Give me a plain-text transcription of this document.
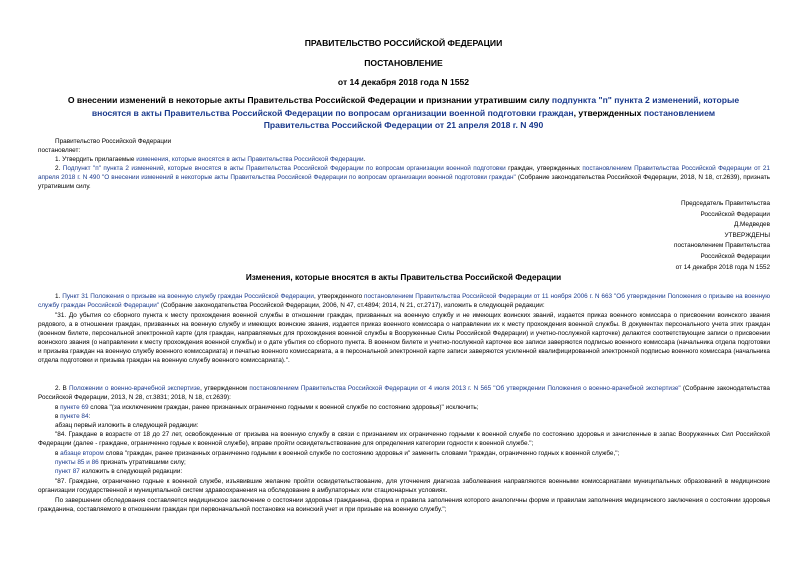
ПРАВИТЕЛЬСТВО РОССИЙСКОЙ ФЕДЕРАЦИИ
ПОСТАНОВЛЕНИЕ
от 14 декабря 2018 года N 1552
О внесении изменений в некоторые акты Правительства Российской Федерации и признании утратившим силу подпункта "п" пункта 2 изменений, которые вносятся в акты Правительства Российской Федерации по вопросам организации военной подготовки граждан, утвержденных постановлением Правительства Российской Федерации от 21 апреля 2018 г. N 490
Правительство Российской Федерации
постановляет:
1. Утвердить прилагаемые изменения, которые вносятся в акты Правительства Российской Федерации.
2. Подпункт "п" пункта 2 изменений, которые вносятся в акты Правительства Российской Федерации по вопросам организации военной подготовки граждан, утвержденных постановлением Правительства Российской Федерации от 21 апреля 2018 г. N 490 "О внесении изменений в некоторые акты Правительства Российской Федерации по вопросам организации военной подготовки граждан" (Собрание законодательства Российской Федерации, 2018, N 18, ст.2639), признать утратившим силу.
Председатель Правительства
Российской Федерации
Д.Медведев
УТВЕРЖДЕНЫ
постановлением Правительства
Российской Федерации
от 14 декабря 2018 года N 1552
Изменения, которые вносятся в акты Правительства Российской Федерации
1. Пункт 31 Положения о призыве на военную службу граждан Российской Федерации, утвержденного постановлением Правительства Российской Федерации от 11 ноября 2006 г. N 663 "Об утверждении Положения о призыве на военную службу граждан Российской Федерации" (Собрание законодательства Российской Федерации, 2006, N 47, ст.4894; 2014, N 21, ст.2717), изложить в следующей редакции:
"31. До убытия со сборного пункта к месту прохождения военной службы в отношении граждан, призванных на военную службу и не имеющих воинских званий, издается приказ военного комиссара о присвоении воинского звания рядового, а в отношении граждан, призванных на военную службу и имеющих воинские звания, издается приказ военного комиссара о направлении их к месту прохождения военной службы. В документах персонального учета этих граждан (военном билете, персональной электронной карте (для граждан, направляемых для прохождения военной службы в Вооруженные Силы Российской Федерации) и учетно-послужной карточке) делаются соответствующие записи о присвоении воинского звания (о направлении к месту прохождения военной службы) и о дате убытия со сборного пункта. В военном билете и учетно-послужной карточке все записи заверяются подписью военного комиссара (начальника отдела подготовки и призыва граждан на военную службу военного комиссариата) и печатью военного комиссариата, а в персональной электронной карте записи заверяются усиленной квалифицированной электронной подписью военного комиссара (начальника отдела подготовки и призыва граждан на военную службу военного комиссариата).".
2. В Положении о военно-врачебной экспертизе, утвержденном постановлением Правительства Российской Федерации от 4 июля 2013 г. N 565 "Об утверждении Положения о военно-врачебной экспертизе" (Собрание законодательства Российской Федерации, 2013, N 28, ст.3831; 2018, N 18, ст.2639):
в пункте 69 слова "(за исключением граждан, ранее признанных ограниченно годными к военной службе по состоянию здоровья)" исключить;
в пункте 84:
абзац первый изложить в следующей редакции:
"84. Граждане в возрасте от 18 до 27 лет, освобожденные от призыва на военную службу в связи с признанием их ограниченно годными к военной службе по состоянию здоровья и зачисленные в запас Вооруженных Сил Российской Федерации (далее - граждане, ограниченно годные к военной службе), вправе пройти освидетельствование для определения категории годности к военной службе.";
в абзаце втором слова "граждан, ранее признанных ограниченно годными к военной службе по состоянию здоровья и" заменить словами "граждан, ограниченно годных к военной службе,";
пункты 85 и 86 признать утратившими силу;
пункт 87 изложить в следующей редакции:
"87. Граждане, ограниченно годные к военной службе, изъявившие желание пройти освидетельствование, для уточнения диагноза заболевания направляются военными комиссариатами муниципальных образований в медицинские организации государственной и муниципальной систем здравоохранения на обследование в амбулаторных или стационарных условиях.
По завершении обследования составляется медицинское заключение о состоянии здоровья гражданина, форма и правила заполнения которого аналогичны форме и правилам заполнения медицинского заключения о состоянии здоровья гражданина, составляемого в отношении граждан при первоначальной постановке на воинский учет и при призыве на военную службу.";
